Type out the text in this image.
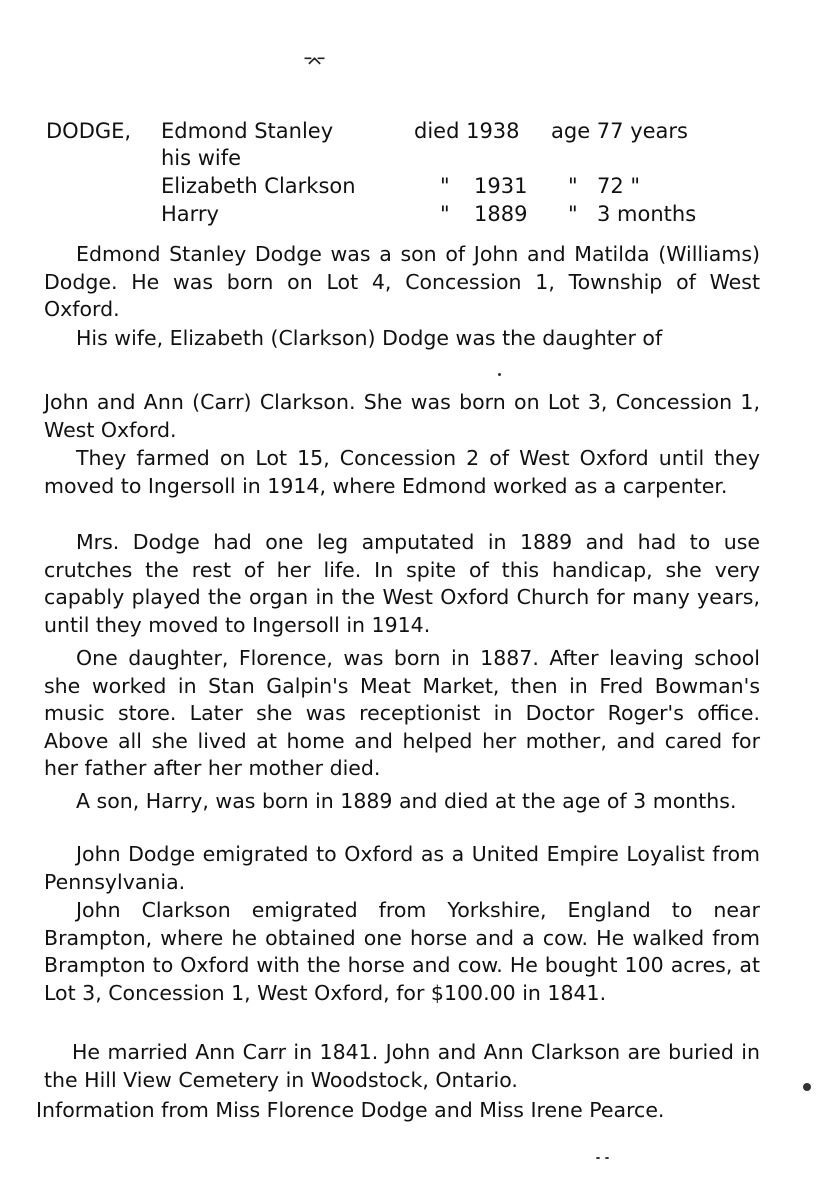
⌤
DODGE, Edmond Stanley	died 1938 age 77 years
his wife
Elizabeth Clarkson	" 1931 " 72 "
Harry	" 1889 " 3 months

Edmond Stanley Dodge was a son of John and Matilda (Williams) Dodge. He was born on Lot 4, Concession 1, Township of West Oxford.

His wife, Elizabeth (Clarkson) Dodge was the daughter of

John and Ann (Carr) Clarkson. She was born on Lot 3, Concession 1, West Oxford.

They farmed on Lot 15, Concession 2 of West Oxford until they moved to Ingersoll in 1914, where Edmond worked as a carpenter.

Mrs. Dodge had one leg amputated in 1889 and had to use crutches the rest of her life. In spite of this handicap, she very capably played the organ in the West Oxford Church for many years, until they moved to Ingersoll in 1914.

One daughter, Florence, was born in 1887. After leaving school she worked in Stan Galpin's Meat Market, then in Fred Bowman's music store. Later she was receptionist in Doctor Roger's office. Above all she lived at home and helped her mother, and cared for her father after her mother died.

A son, Harry, was born in 1889 and died at the age of 3 months.

John Dodge emigrated to Oxford as a United Empire Loyalist from Pennsylvania.

John Clarkson emigrated from Yorkshire, England to near Brampton, where he obtained one horse and a cow. He walked from Brampton to Oxford with the horse and cow. He bought 100 acres, at Lot 3, Concession 1, West Oxford, for $100.00 in 1841.

He married Ann Carr in 1841. John and Ann Clarkson are buried in the Hill View Cemetery in Woodstock, Ontario.

Information from Miss Florence Dodge and Miss Irene Pearce.
